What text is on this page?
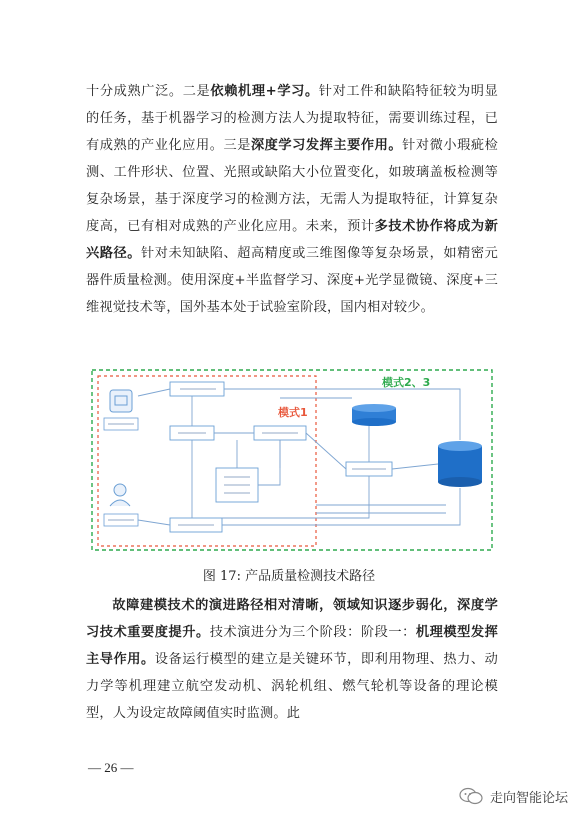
十分成熟广泛。二是依赖机理+学习。针对工件和缺陷特征较为明显的任务，基于机器学习的检测方法人为提取特征，需要训练过程，已有成熟的产业化应用。三是深度学习发挥主要作用。针对微小瑕疵检测、工件形状、位置、光照或缺陷大小位置变化，如玻璃盖板检测等复杂场景，基于深度学习的检测方法，无需人为提取特征，计算复杂度高，已有相对成熟的产业化应用。未来，预计多技术协作将成为新兴路径。针对未知缺陷、超高精度或三维图像等复杂场景，如精密元器件质量检测。使用深度+半监督学习、深度+光学显微镜、深度+三维视觉技术等，国外基本处于试验室阶段，国内相对较少。

模式1
模式2、3
图 17: 产品质量检测技术路径

故障建模技术的演进路径相对清晰，领域知识逐步弱化，深度学习技术重要度提升。技术演进分为三个阶段：阶段一：机理模型发挥主导作用。设备运行模型的建立是关键环节，即利用物理、热力、动力学等机理建立航空发动机、涡轮机组、燃气轮机等设备的理论模型，人为设定故障阈值实时监测。此

— 26 —
走向智能论坛
